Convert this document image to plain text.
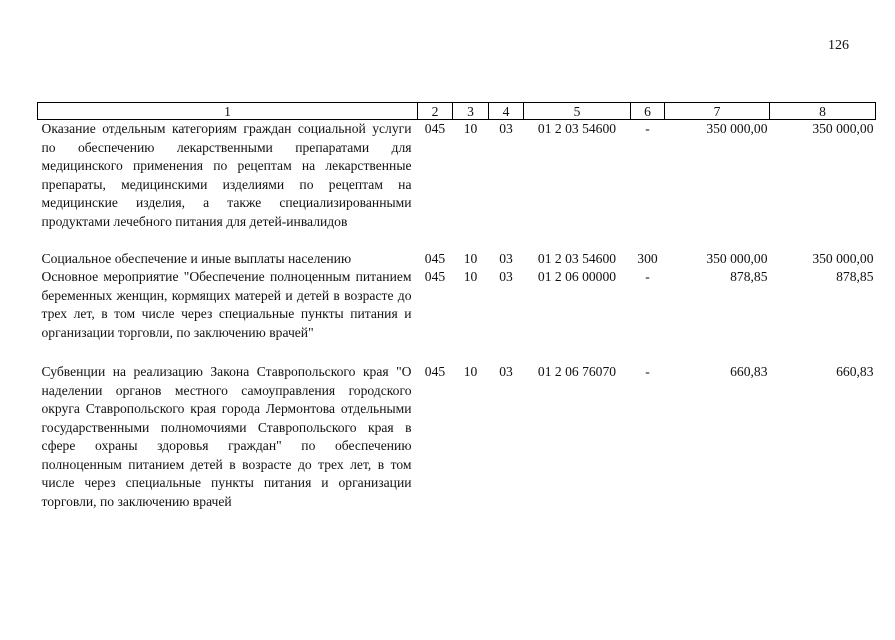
126
1	2	3	4	5	6	7	8
Оказание отдельным категориям граждан социальной услуги по обеспечению лекарственными препаратами для медицинского применения по рецептам на лекарственные препараты, медицинскими изделиями по рецептам на медицинские изделия, а также специализированными продуктами лечебного питания для детей-инвалидов	045	10	03	01 2 03 54600	-	350 000,00	350 000,00
Социальное обеспечение и иные выплаты населению	045	10	03	01 2 03 54600	300	350 000,00	350 000,00
Основное мероприятие "Обеспечение полноценным питанием беременных женщин, кормящих матерей и детей в возрасте до трех лет, в том числе через специальные пункты питания и организации торговли, по заключению врачей"	045	10	03	01 2 06 00000	-	878,85	878,85
Субвенции на реализацию Закона Ставропольского края "О наделении органов местного самоуправления городского округа Ставропольского края города Лермонтова отдельными государственными полномочиями Ставропольского края в сфере охраны здоровья граждан" по обеспечению полноценным питанием детей в возрасте до трех лет, в том числе через специальные пункты питания и организации торговли, по заключению врачей	045	10	03	01 2 06 76070	-	660,83	660,83
